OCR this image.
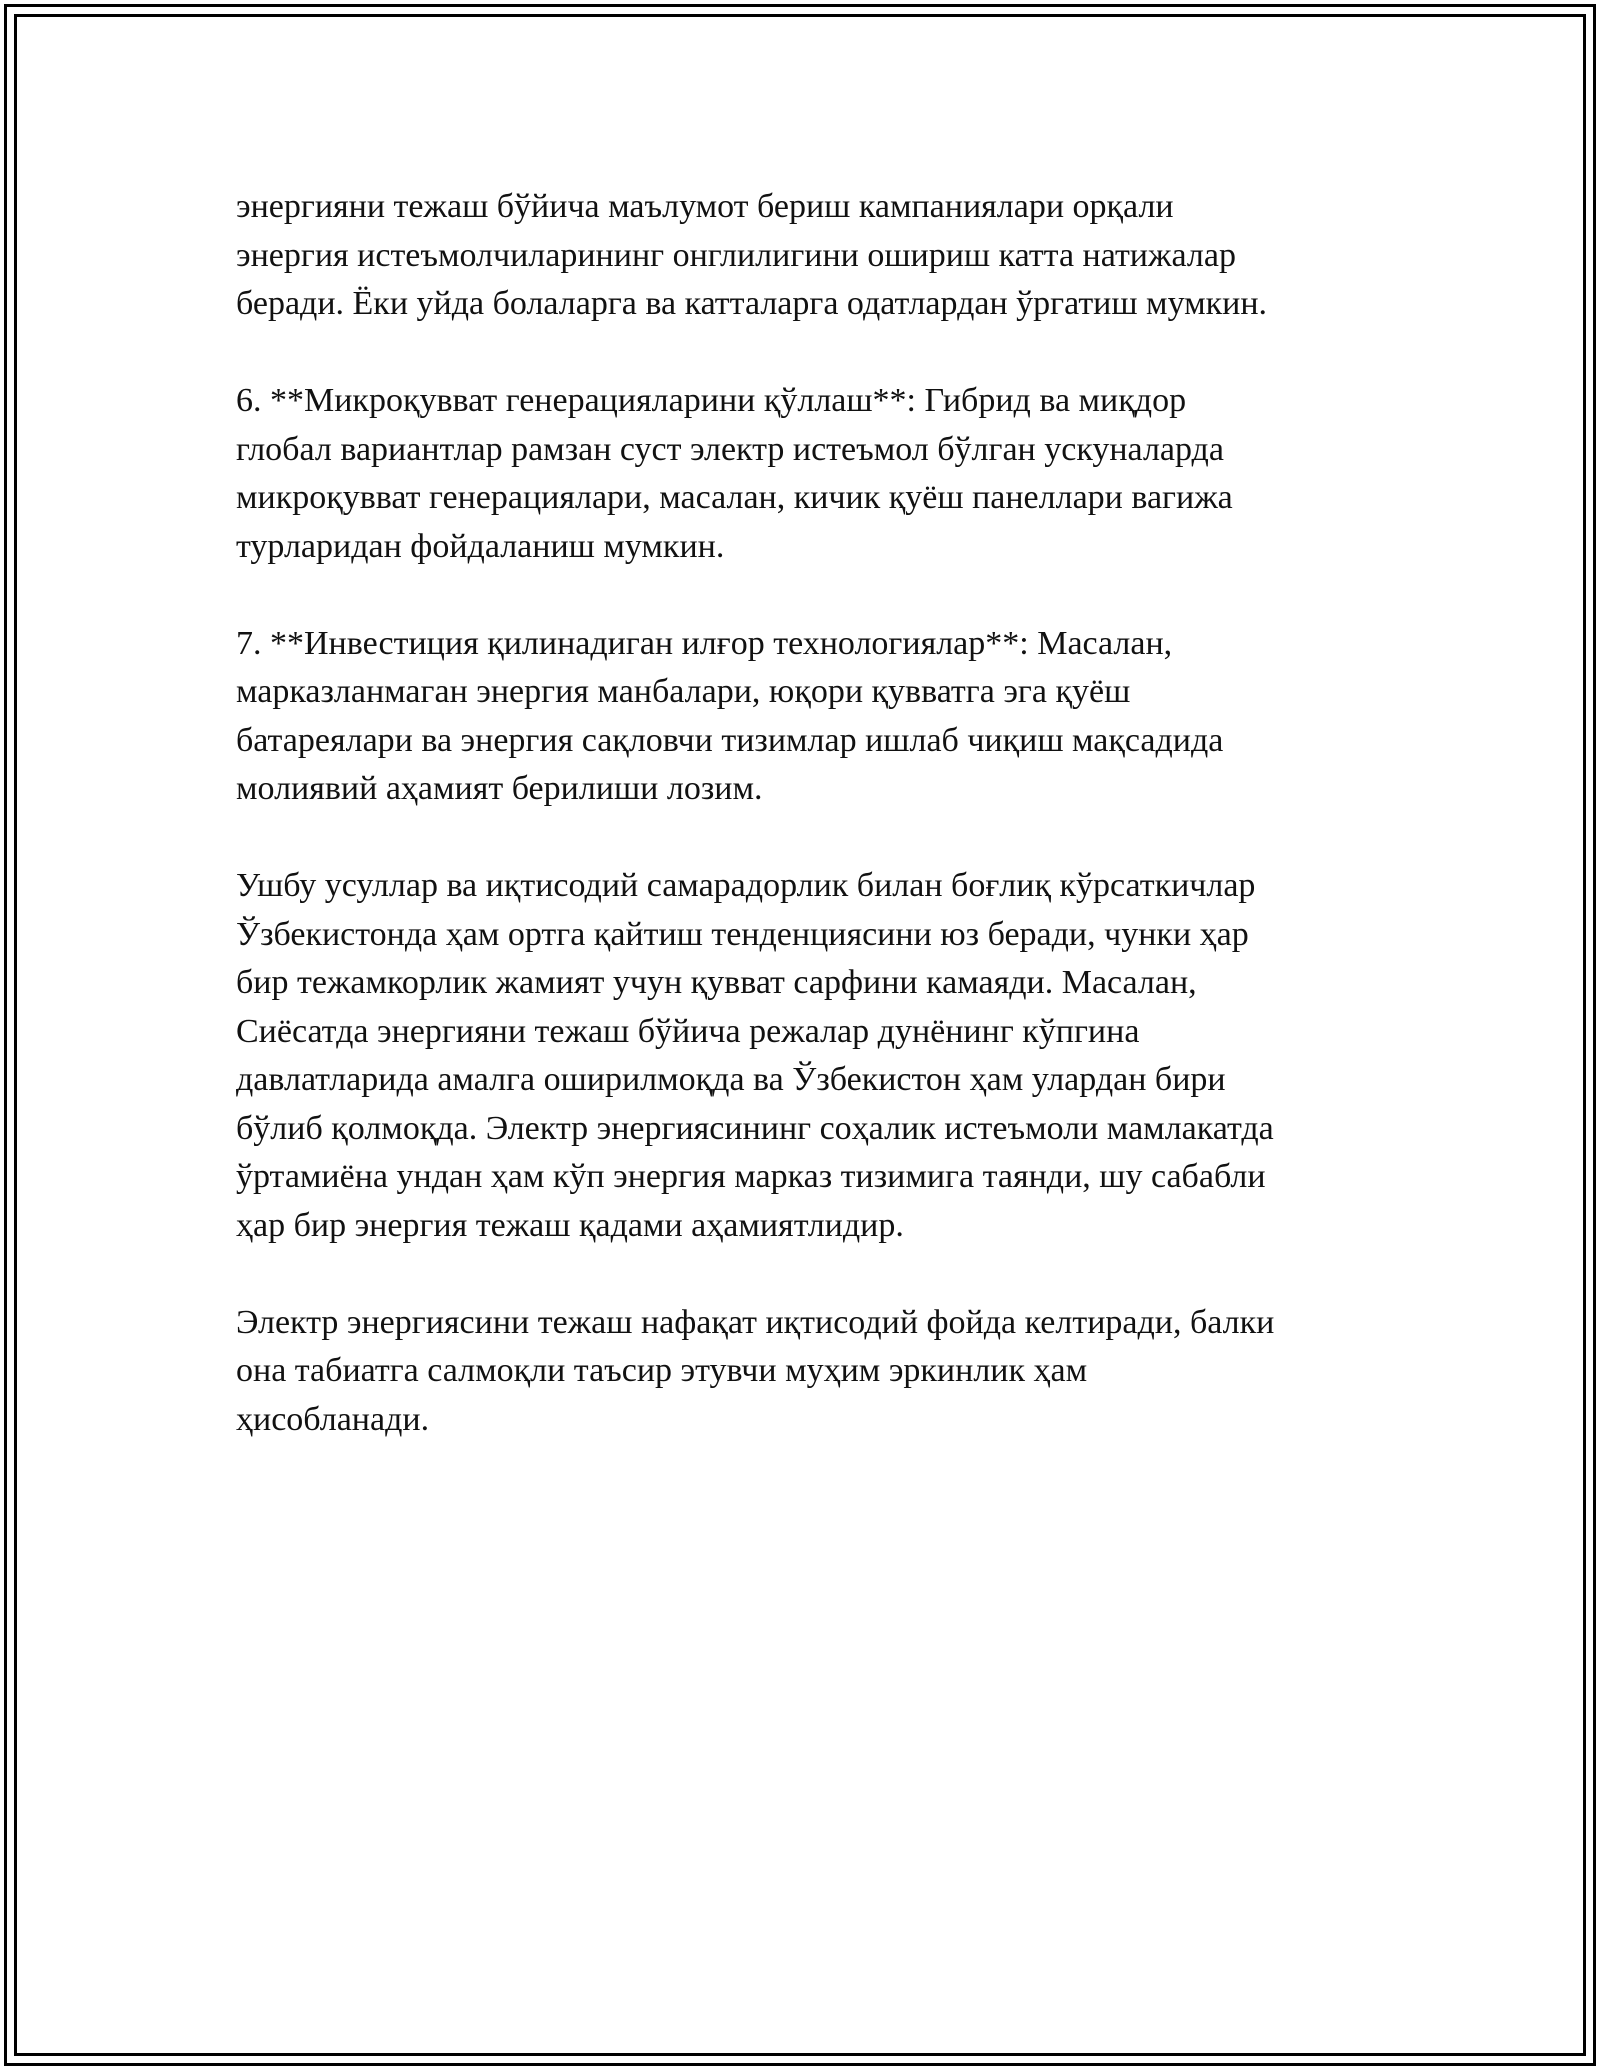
энергияни тежаш бўйича маълумот бериш кампаниялари орқали
энергия истеъмолчиларининг онглилигини ошириш катта натижалар
беради. Ёки уйда болаларга ва катталарга одатлардан ўргатиш мумкин.

6. **Микроқувват генерацияларини қўллаш**: Гибрид ва миқдор
глобал вариантлар рамзан суст электр истеъмол бўлган ускуналарда
микроқувват генерациялари, масалан, кичик қуёш панеллари вагижа
турларидан фойдаланиш мумкин.

7. **Инвестиция қилинадиган илғор технологиялар**: Масалан,
марказланмаган энергия манбалари, юқори қувватга эга қуёш
батареялари ва энергия сақловчи тизимлар ишлаб чиқиш мақсадида
молиявий аҳамият берилиши лозим.

Ушбу усуллар ва иқтисодий самарадорлик билан боғлиқ кўрсаткичлар
Ўзбекистонда ҳам ортга қайтиш тенденциясини юз беради, чунки ҳар
бир тежамкорлик жамият учун қувват сарфини камаяди. Масалан,
Сиёсатда энергияни тежаш бўйича режалар дунёнинг кўпгина
давлатларида амалга оширилмоқда ва Ўзбекистон ҳам улардан бири
бўлиб қолмоқда. Электр энергиясининг соҳалик истеъмоли мамлакатда
ўртамиёна ундан ҳам кўп энергия марказ тизимига таянди, шу сабабли
ҳар бир энергия тежаш қадами аҳамиятлидир.

Электр энергиясини тежаш нафақат иқтисодий фойда келтиради, балки
она табиатга салмоқли таъсир этувчи муҳим эркинлик ҳам
ҳисобланади.
